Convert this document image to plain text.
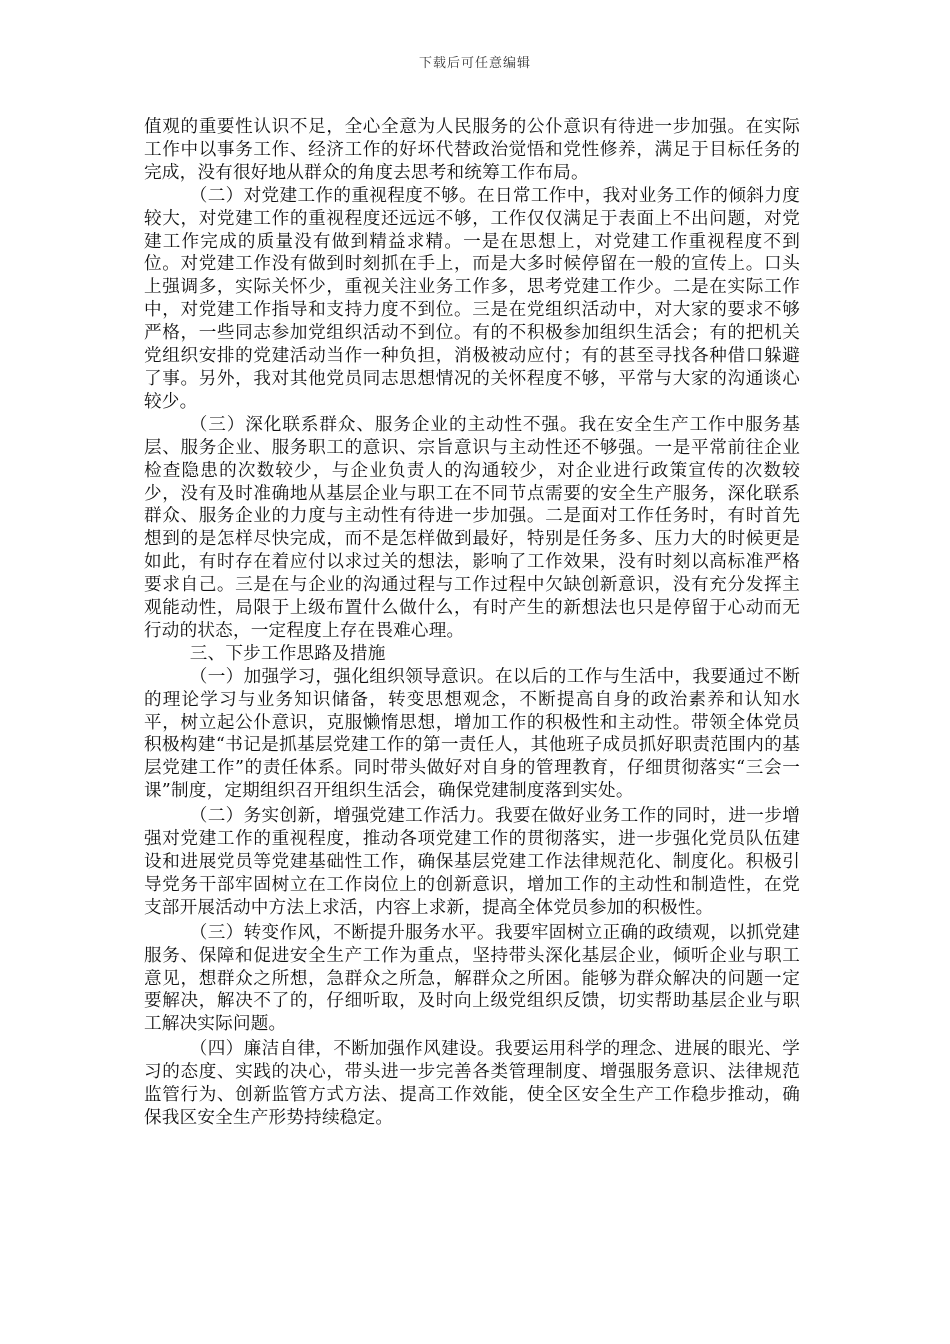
下载后可任意编辑

值观的重要性认识不足，全心全意为人民服务的公仆意识有待进一步加强。在实际工作中以事务工作、经济工作的好坏代替政治觉悟和党性修养，满足于目标任务的完成，没有很好地从群众的角度去思考和统筹工作布局。

（二）对党建工作的重视程度不够。在日常工作中，我对业务工作的倾斜力度较大，对党建工作的重视程度还远远不够，工作仅仅满足于表面上不出问题，对党建工作完成的质量没有做到精益求精。一是在思想上，对党建工作重视程度不到位。对党建工作没有做到时刻抓在手上，而是大多时候停留在一般的宣传上。口头上强调多，实际关怀少，重视关注业务工作多，思考党建工作少。二是在实际工作中，对党建工作指导和支持力度不到位。三是在党组织活动中，对大家的要求不够严格，一些同志参加党组织活动不到位。有的不积极参加组织生活会；有的把机关党组织安排的党建活动当作一种负担，消极被动应付；有的甚至寻找各种借口躲避了事。另外，我对其他党员同志思想情况的关怀程度不够，平常与大家的沟通谈心较少。

（三）深化联系群众、服务企业的主动性不强。我在安全生产工作中服务基层、服务企业、服务职工的意识、宗旨意识与主动性还不够强。一是平常前往企业检查隐患的次数较少，与企业负责人的沟通较少，对企业进行政策宣传的次数较少，没有及时准确地从基层企业与职工在不同节点需要的安全生产服务，深化联系群众、服务企业的力度与主动性有待进一步加强。二是面对工作任务时，有时首先想到的是怎样尽快完成，而不是怎样做到最好，特别是任务多、压力大的时候更是如此，有时存在着应付以求过关的想法，影响了工作效果，没有时刻以高标准严格要求自己。三是在与企业的沟通过程与工作过程中欠缺创新意识，没有充分发挥主观能动性，局限于上级布置什么做什么，有时产生的新想法也只是停留于心动而无行动的状态，一定程度上存在畏难心理。

三、下步工作思路及措施

（一）加强学习，强化组织领导意识。在以后的工作与生活中，我要通过不断的理论学习与业务知识储备，转变思想观念，不断提高自身的政治素养和认知水平，树立起公仆意识，克服懒惰思想，增加工作的积极性和主动性。带领全体党员积极构建“书记是抓基层党建工作的第一责任人，其他班子成员抓好职责范围内的基层党建工作”的责任体系。同时带头做好对自身的管理教育，仔细贯彻落实“三会一课”制度，定期组织召开组织生活会，确保党建制度落到实处。

（二）务实创新，增强党建工作活力。我要在做好业务工作的同时，进一步增强对党建工作的重视程度，推动各项党建工作的贯彻落实，进一步强化党员队伍建设和进展党员等党建基础性工作，确保基层党建工作法律规范化、制度化。积极引导党务干部牢固树立在工作岗位上的创新意识，增加工作的主动性和制造性，在党支部开展活动中方法上求活，内容上求新，提高全体党员参加的积极性。

（三）转变作风，不断提升服务水平。我要牢固树立正确的政绩观，以抓党建服务、保障和促进安全生产工作为重点，坚持带头深化基层企业，倾听企业与职工意见，想群众之所想，急群众之所急，解群众之所困。能够为群众解决的问题一定要解决，解决不了的，仔细听取，及时向上级党组织反馈，切实帮助基层企业与职工解决实际问题。

（四）廉洁自律，不断加强作风建设。我要运用科学的理念、进展的眼光、学习的态度、实践的决心，带头进一步完善各类管理制度、增强服务意识、法律规范监管行为、创新监管方式方法、提高工作效能，使全区安全生产工作稳步推动，确保我区安全生产形势持续稳定。
